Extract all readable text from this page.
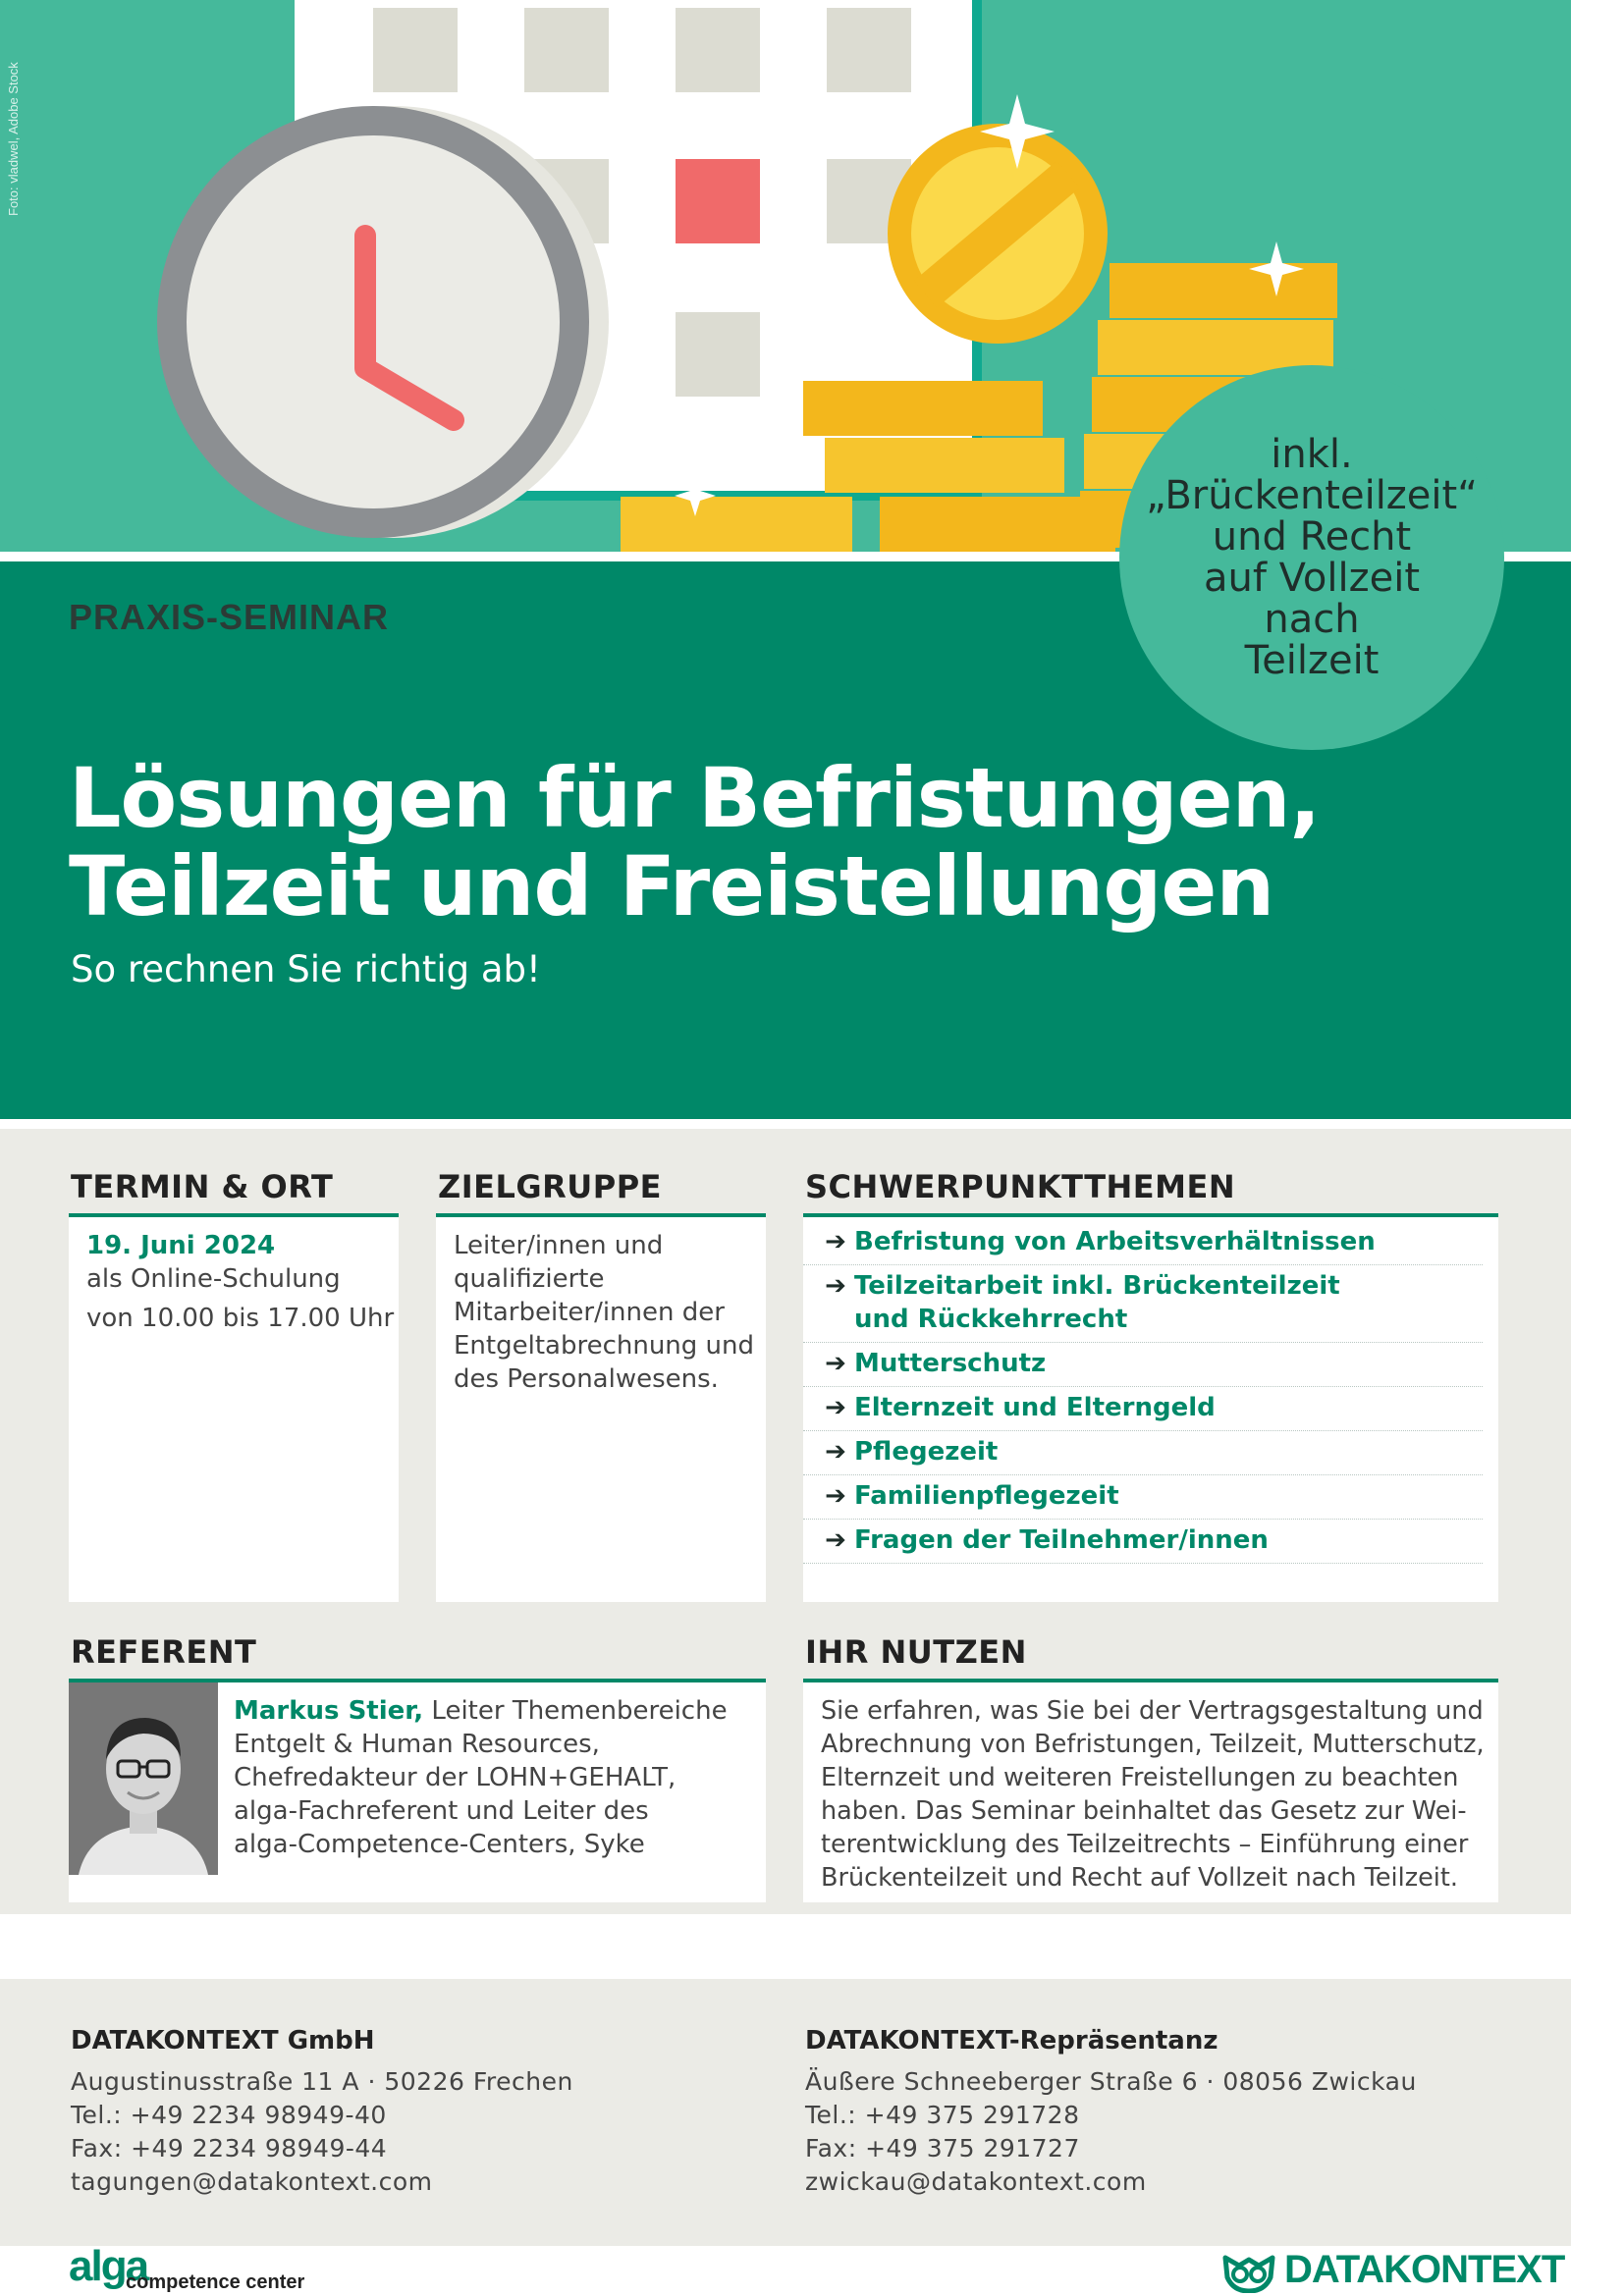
Foto: vladwel, Adobe Stock
PRAXIS-SEMINAR
Lösungen für Befristungen,
Teilzeit und Freistellungen
So rechnen Sie richtig ab!
inkl.
„Brückenteilzeit“
und Recht
auf Vollzeit
nach
Teilzeit
TERMIN & ORT
19. Juni 2024
als Online-Schulung
von 10.00 bis 17.00 Uhr
ZIELGRUPPE
Leiter/innen und
qualifizierte
Mitarbeiter/innen der
Entgeltabrechnung und
des Personalwesens.
SCHWERPUNKTTHEMEN
➔ Befristung von Arbeitsverhältnissen
➔ Teilzeitarbeit inkl. Brückenteilzeit
und Rückkehrrecht
➔ Mutterschutz
➔ Elternzeit und Elterngeld
➔ Pflegezeit
➔ Familienpflegezeit
➔ Fragen der Teilnehmer/innen
REFERENT
Markus Stier, Leiter Themenbereiche
Entgelt & Human Resources,
Chefredakteur der LOHN+GEHALT,
alga-Fachreferent und Leiter des
alga-Competence-Centers, Syke
IHR NUTZEN
Sie erfahren, was Sie bei der Vertragsgestaltung und
Abrechnung von Befristungen, Teilzeit, Mutterschutz,
Elternzeit und weiteren Freistellungen zu beachten
haben. Das Seminar beinhaltet das Gesetz zur Wei-
terentwicklung des Teilzeitrechts – Einführung einer
Brückenteilzeit und Recht auf Vollzeit nach Teilzeit.
DATAKONTEXT GmbH
Augustinusstraße 11 A · 50226 Frechen
Tel.: +49 2234 98949-40
Fax: +49 2234 98949-44
tagungen@datakontext.com
DATAKONTEXT-Repräsentanz
Äußere Schneeberger Straße 6 · 08056 Zwickau
Tel.: +49 375 291728
Fax: +49 375 291727
zwickau@datakontext.com
alga
competence center	DATAKONTEXT
